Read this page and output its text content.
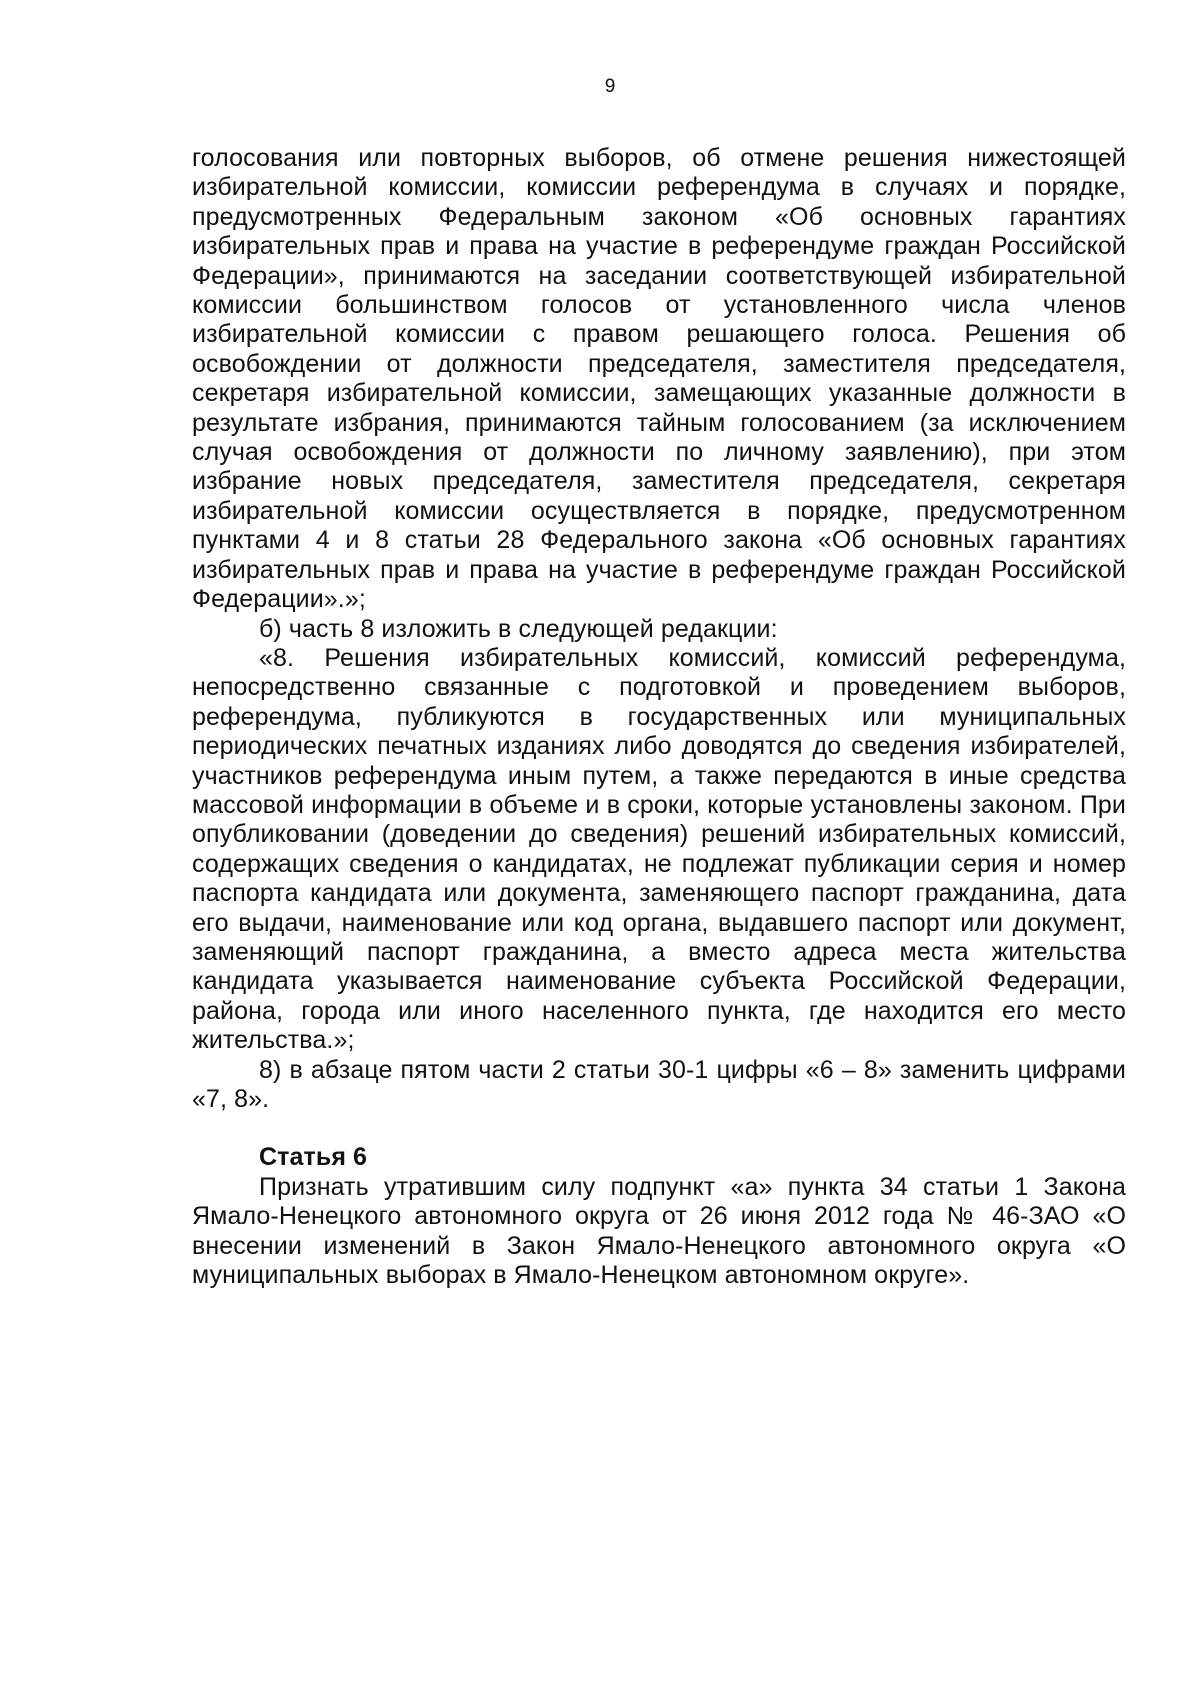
9

голосования или повторных выборов, об отмене решения нижестоящей избирательной комиссии, комиссии референдума в случаях и порядке, предусмотренных Федеральным законом «Об основных гарантиях избирательных прав и права на участие в референдуме граждан Российской Федерации», принимаются на заседании соответствующей избирательной комиссии большинством голосов от установленного числа членов избирательной комиссии с правом решающего голоса. Решения об освобождении от должности председателя, заместителя председателя, секретаря избирательной комиссии, замещающих указанные должности в результате избрания, принимаются тайным голосованием (за исключением случая освобождения от должности по личному заявлению), при этом избрание новых председателя, заместителя председателя, секретаря избирательной комиссии осуществляется в порядке, предусмотренном пунктами 4 и 8 статьи 28 Федерального закона «Об основных гарантиях избирательных прав и права на участие в референдуме граждан Российской Федерации».»;

б) часть 8 изложить в следующей редакции:

«8. Решения избирательных комиссий, комиссий референдума, непосредственно связанные с подготовкой и проведением выборов, референдума, публикуются в государственных или муниципальных периодических печатных изданиях либо доводятся до сведения избирателей, участников референдума иным путем, а также передаются в иные средства массовой информации в объеме и в сроки, которые установлены законом. При опубликовании (доведении до сведения) решений избирательных комиссий, содержащих сведения о кандидатах, не подлежат публикации серия и номер паспорта кандидата или документа, заменяющего паспорт гражданина, дата его выдачи, наименование или код органа, выдавшего паспорт или документ, заменяющий паспорт гражданина, а вместо адреса места жительства кандидата указывается наименование субъекта Российской Федерации, района, города или иного населенного пункта, где находится его место жительства.»;

8) в абзаце пятом части 2 статьи 30-1 цифры «6 – 8» заменить цифрами «7, 8».

Статья 6

Признать утратившим силу подпункт «а» пункта 34 статьи 1 Закона Ямало-Ненецкого автономного округа от 26 июня 2012 года № 46-ЗАО «О внесении изменений в Закон Ямало-Ненецкого автономного округа «О муниципальных выборах в Ямало-Ненецком автономном округе».
